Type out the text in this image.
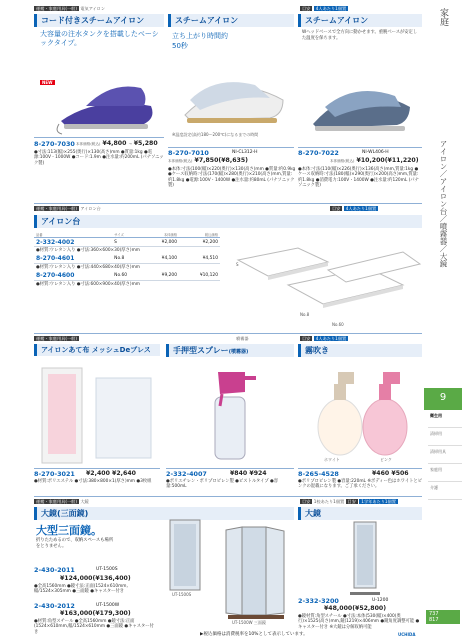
家庭
アイロン／アイロン台／噴霧器／大鏡
9
衛生用
清掃用
清掃用具
家庭用
介護
737
817
運搬・家庭用具(一般) 電気アイロン
コード付きスチームアイロン
大容量の注水タンクを搭載したベーシックタイプ。
NEW
8-270-7030 本体価格(税込) ¥4,800 → ¥5,280
●寸法:113(幅)×255(奥行)×130(高さ)mm ●質量:1kg ●電源:100V・1000W ●コード:1.9m ●注水量:約200mL (パナソニック製)
スチームアイロン
立ち上がり時間約50秒
※温度設定(高約180～200℃)になるまでの時間
8-270-7010	NI-CL312-H
本体価格(税込) ¥7,850(¥8,635)
●本体:寸法(100(幅)×220(奥行)×130(高さ)mm ●質量:約0.9kg ●ケース収納時:寸法(170(幅)×280(奥行)×210(高さ)mm,質量:約1.8kg ●電源:100V・1400W ●注水量:約80mL (パナソニック製)
目安 4人あたり1個置
スチームアイロン
Wヘッドベースで全方向に動かせます。重腕ベースが安定した温度を保ちます。
8-270-7022	NI-WL406-H
本体価格(税込) ¥10,200(¥11,220)
●本体:寸法(110(幅)×226(奥行)×136(高さ)mm,質量:1kg ●ケース収納時:寸法(180(幅)×290(奥行)×200(高さ)mm,質量:約1.8kg ●消費電力:100V・1400W ●注水量:約120mL (パナソニック製)
運搬・家庭用具(一般) アイロン台	目安 4人あたり1個置
アイロン台
品番	サイズ	本体価格	税込価格
2-332-4002	S	¥2,000	¥2,200
●材質:ウレタン入り ●寸法:360×600×30(厚さ)mm			
8-270-4601	No.8	¥4,100	¥4,510
●材質:ウレタン入り ●寸法:440×680×40(厚さ)mm			
8-270-4600	No.60	¥9,200	¥10,120
●材質:ウレタン入り ●寸法:600×900×40(厚さ)mm			
S
No.8
No.60
運搬・家庭用具(一般)
アイロンあて布 メッシュDeプレス
8-270-3021 ¥2,400 ¥2,640
●材質:ポリエステル ●寸法:380×800×1(厚さ)mm ●3枚組
噴霧器
手押型スプレー(噴霧器)
2-332-4007	¥840 ¥924
●ポリエチレン・ポリプロピレン製 ●ピストルタイプ ●容量:500mL
目安 4人あたり1個置
霧吹き
ホワイト	ピンク
8-265-4528	¥460 ¥506
●ポリプロピレン製 ●容量:220mL ※ボディー色はホワイトとピンクの混載になります。ご了承ください。
運搬・家庭用具(一般) 大鏡
大鏡(三面鏡)
大型三面鏡。
折りたためるので、収納スペースも場所をとりません。
2-430-2011	UT-1500S
¥124,000(¥136,400)
●全高1560mm ●鏡寸法:正面(1524×610mm,幅/1524×305mm ●三面鏡 ●キャスター付き
2-430-2012	UT-1500W
¥163,000(¥179,300)
●材質:角型スチール ●全高1560mm ●鏡寸法:正面(1524×610mm,幅/1524×610mm ●三面鏡 ●キャスター付き
UT-1500S
UT-1500W 三面鏡
目安 1校あたり1個置 目安 1学年あたり1個置
大鏡
2-332-3200	U-1200
¥48,000(¥52,800)
●鏡材質:角型スチール ●寸法:本体(530(幅)×400(奥行)×1525(高さ)mm,鏡(1219)×406mm ●鏡角度調整可能 ●キャスター付き ※大鏡は分解収納可能
▶税込価格は消費税率を10%として表示しています。	UCHIDA
